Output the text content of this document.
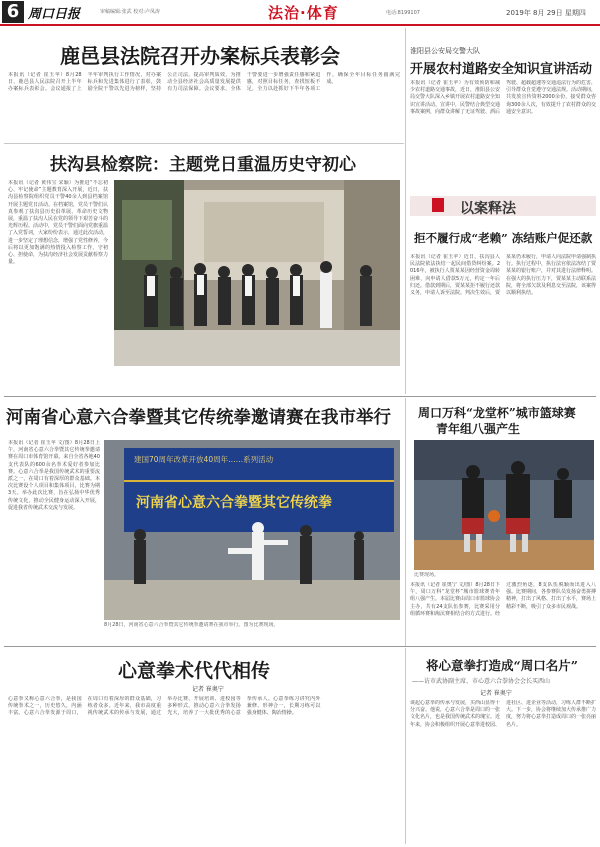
6 周口日报	审稿编辑:张武 校对:卢凤涛	法治·体育	电话:8199107	2019年 8月 29日 星期四
鹿邑县法院召开办案标兵表彰会
本报讯（记者 崔玉苹）8月28日，鹿邑县人民法院召开上半年办案标兵表彰会。会议通报了上半年审判执行工作情况，对办案标兵和先进集体进行了表彰，鼓励全院干警以先进为榜样，坚持公正司法，提高审判质效，为推动全县经济社会高质量发展提供有力司法保障。会议要求，全体干警要进一步增强责任感和紧迫感，对照目标任务，查找短板不足，全力以赴抓好下半年各项工作，确保全年目标任务圆满完成。
扶沟县检察院：主题党日重温历史守初心
本报讯（记者 黄伟宝 宋颖）为推进“不忘初心、牢记使命”主题教育深入开展，近日，扶沟县检察院组织党员干警40余人到县档案馆开展主题党日活动。在档案馆，党员干警们认真参观了扶沟县历史沿革展、革命历史文物展，重温了扶沟人民在党的领导下艰苦奋斗的光辉历程。活动中，党员干警们面向党旗重温了入党誓词，大家纷纷表示，通过此次活动，进一步坚定了理想信念，增强了党性修养，今后将以更加饱满的热情投入检察工作，守初心、担使命，为扶沟经济社会发展贡献检察力量。
淮阳县公安局交警大队
开展农村道路安全知识宣讲活动
本报讯（记者 崔玉苹）为有效预防和减少农村道路交通事故，近日，淮阳县公安局交警大队深入乡镇开展农村道路安全知识宣讲活动。宣讲中，民警结合典型交通事故案例，向群众讲解了无证驾驶、酒后驾驶、超载超速等交通违法行为的危害，引导群众自觉遵守交通法规。活动期间，共发放宣传资料2000余份，接受群众咨询300余人次，有效提升了农村群众的交通安全意识。
以案释法
拒不履行成“老赖” 冻结账户促还款
本报讯（记者 崔玉苹）近日，扶沟县人民法院依法执结一起民间借贷纠纷案。2016年，被执行人贾某某因经营资金周转困难，向申请人借款5万元，约定一年后归还。借款到期后，贾某某拒不履行还款义务，申请人诉至法院。判决生效后，贾某某仍未履行，申请人向法院申请强制执行。执行过程中，执行法官依法冻结了贾某某的银行账户，并对其进行法律释明。在强大的执行压力下，贾某某主动联系法院，将全部欠款及利息交至法院，该案得以顺利执结。
河南省心意六合拳暨其它传统拳邀请赛在我市举行
本报讯（记者 崔玉苹 文/图）8月28日上午，河南省心意六合拳暨其它传统拳邀请赛在周口市体育馆开幕。来自全省各地40支代表队的600余名拳术爱好者参加比赛。心意六合拳是我国传统武术的重要流派之一，在周口有着深厚的群众基础。本次比赛设个人项目和集体项目，比赛为期3天。举办此次比赛，旨在弘扬中华优秀传统文化，推动全民健身运动深入开展，促进我省传统武术交流与发展。
建国70周年改革开放40周年……系列活动
河南省心意六合拳暨其它传统拳
8月28日，河南省心意六合拳暨其它传统拳邀请赛在我市举行。图为比赛现场。
周口万科“龙堂杯”城市篮球赛
青年组八强产生
比赛现场。
本报讯（记者 崔奥宁 文/图）8月28日下午，周口万科“龙堂杯”城市篮球赛青年组八强产生。本届比赛由周口市篮球协会主办，共有24支队伍参赛，比赛采用分组循环赛和淘汰赛相结合的方式进行。经过激烈角逐，8支队伍脱颖而出进入八强。比赛期间，各参赛队员发扬奋勇拼搏精神，打出了风格、打出了水平，赛场上精彩不断，吸引了众多市民观战。
心意拳术代代相传
记者 崔奥宁
心意拳又称心意六合拳，是我国传统拳术之一，历史悠久，内涵丰富。心意六合拳发源于周口，在周口有着深厚的群众基础，习练者众多。近年来，我市高度重视传统武术的传承与发展，通过举办比赛、开展培训、进校园等多种形式，推动心意六合拳发扬光大，培养了一大批优秀的心意拳传承人。心意拳练习讲究内外兼修、形神合一，长期习练可以强身健体、陶冶情操。
将心意拳打造成“周口名片”
——访市武协副主席、市心意六合拳协会会长买西山
记者 崔奥宁
谈起心意拳的传承与发展，买西山显得十分兴奋。他说，心意六合拳是周口的一张文化名片，也是我国传统武术的瑰宝。近年来，协会积极组织开展心意拳进校园、进社区、进企业等活动，习练人群不断扩大。下一步，协会将继续加大传承推广力度，努力将心意拳打造成周口的一张亮丽名片。
